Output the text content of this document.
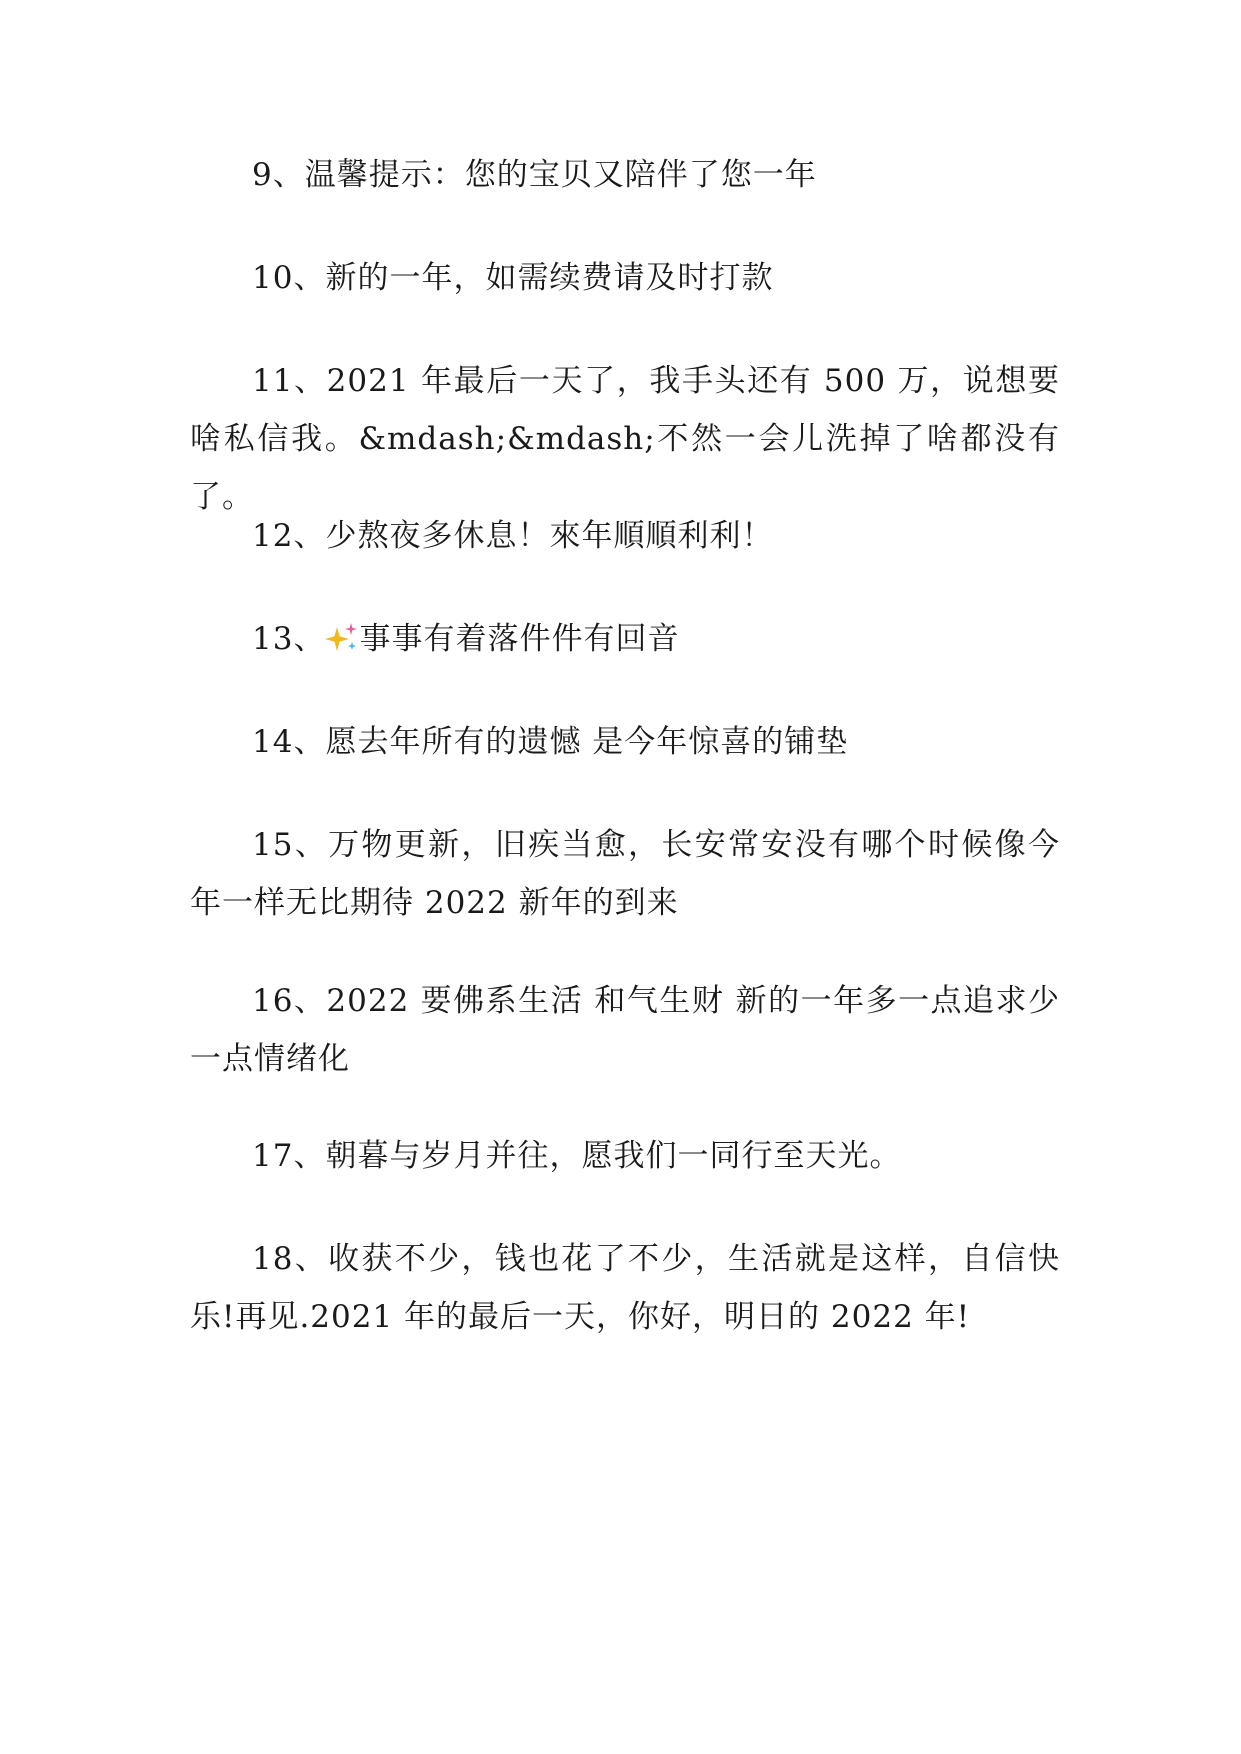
9、温馨提示：您的宝贝又陪伴了您一年

10、新的一年，如需续费请及时打款

11、2021 年最后一天了，我手头还有 500 万，说想要啥私信我。&mdash;&mdash;不然一会儿洗掉了啥都没有了。

12、少熬夜多休息！來年順順利利！

13、 事事有着落件件有回音

14、愿去年所有的遗憾 是今年惊喜的铺垫

15、万物更新，旧疾当愈，长安常安没有哪个时候像今年一样无比期待 2022 新年的到来

16、2022 要佛系生活 和气生财 新的一年多一点追求少一点情绪化

17、朝暮与岁月并往，愿我们一同行至天光。

18、收获不少，钱也花了不少，生活就是这样，自信快乐!再见.2021 年的最后一天，你好，明日的 2022 年!
